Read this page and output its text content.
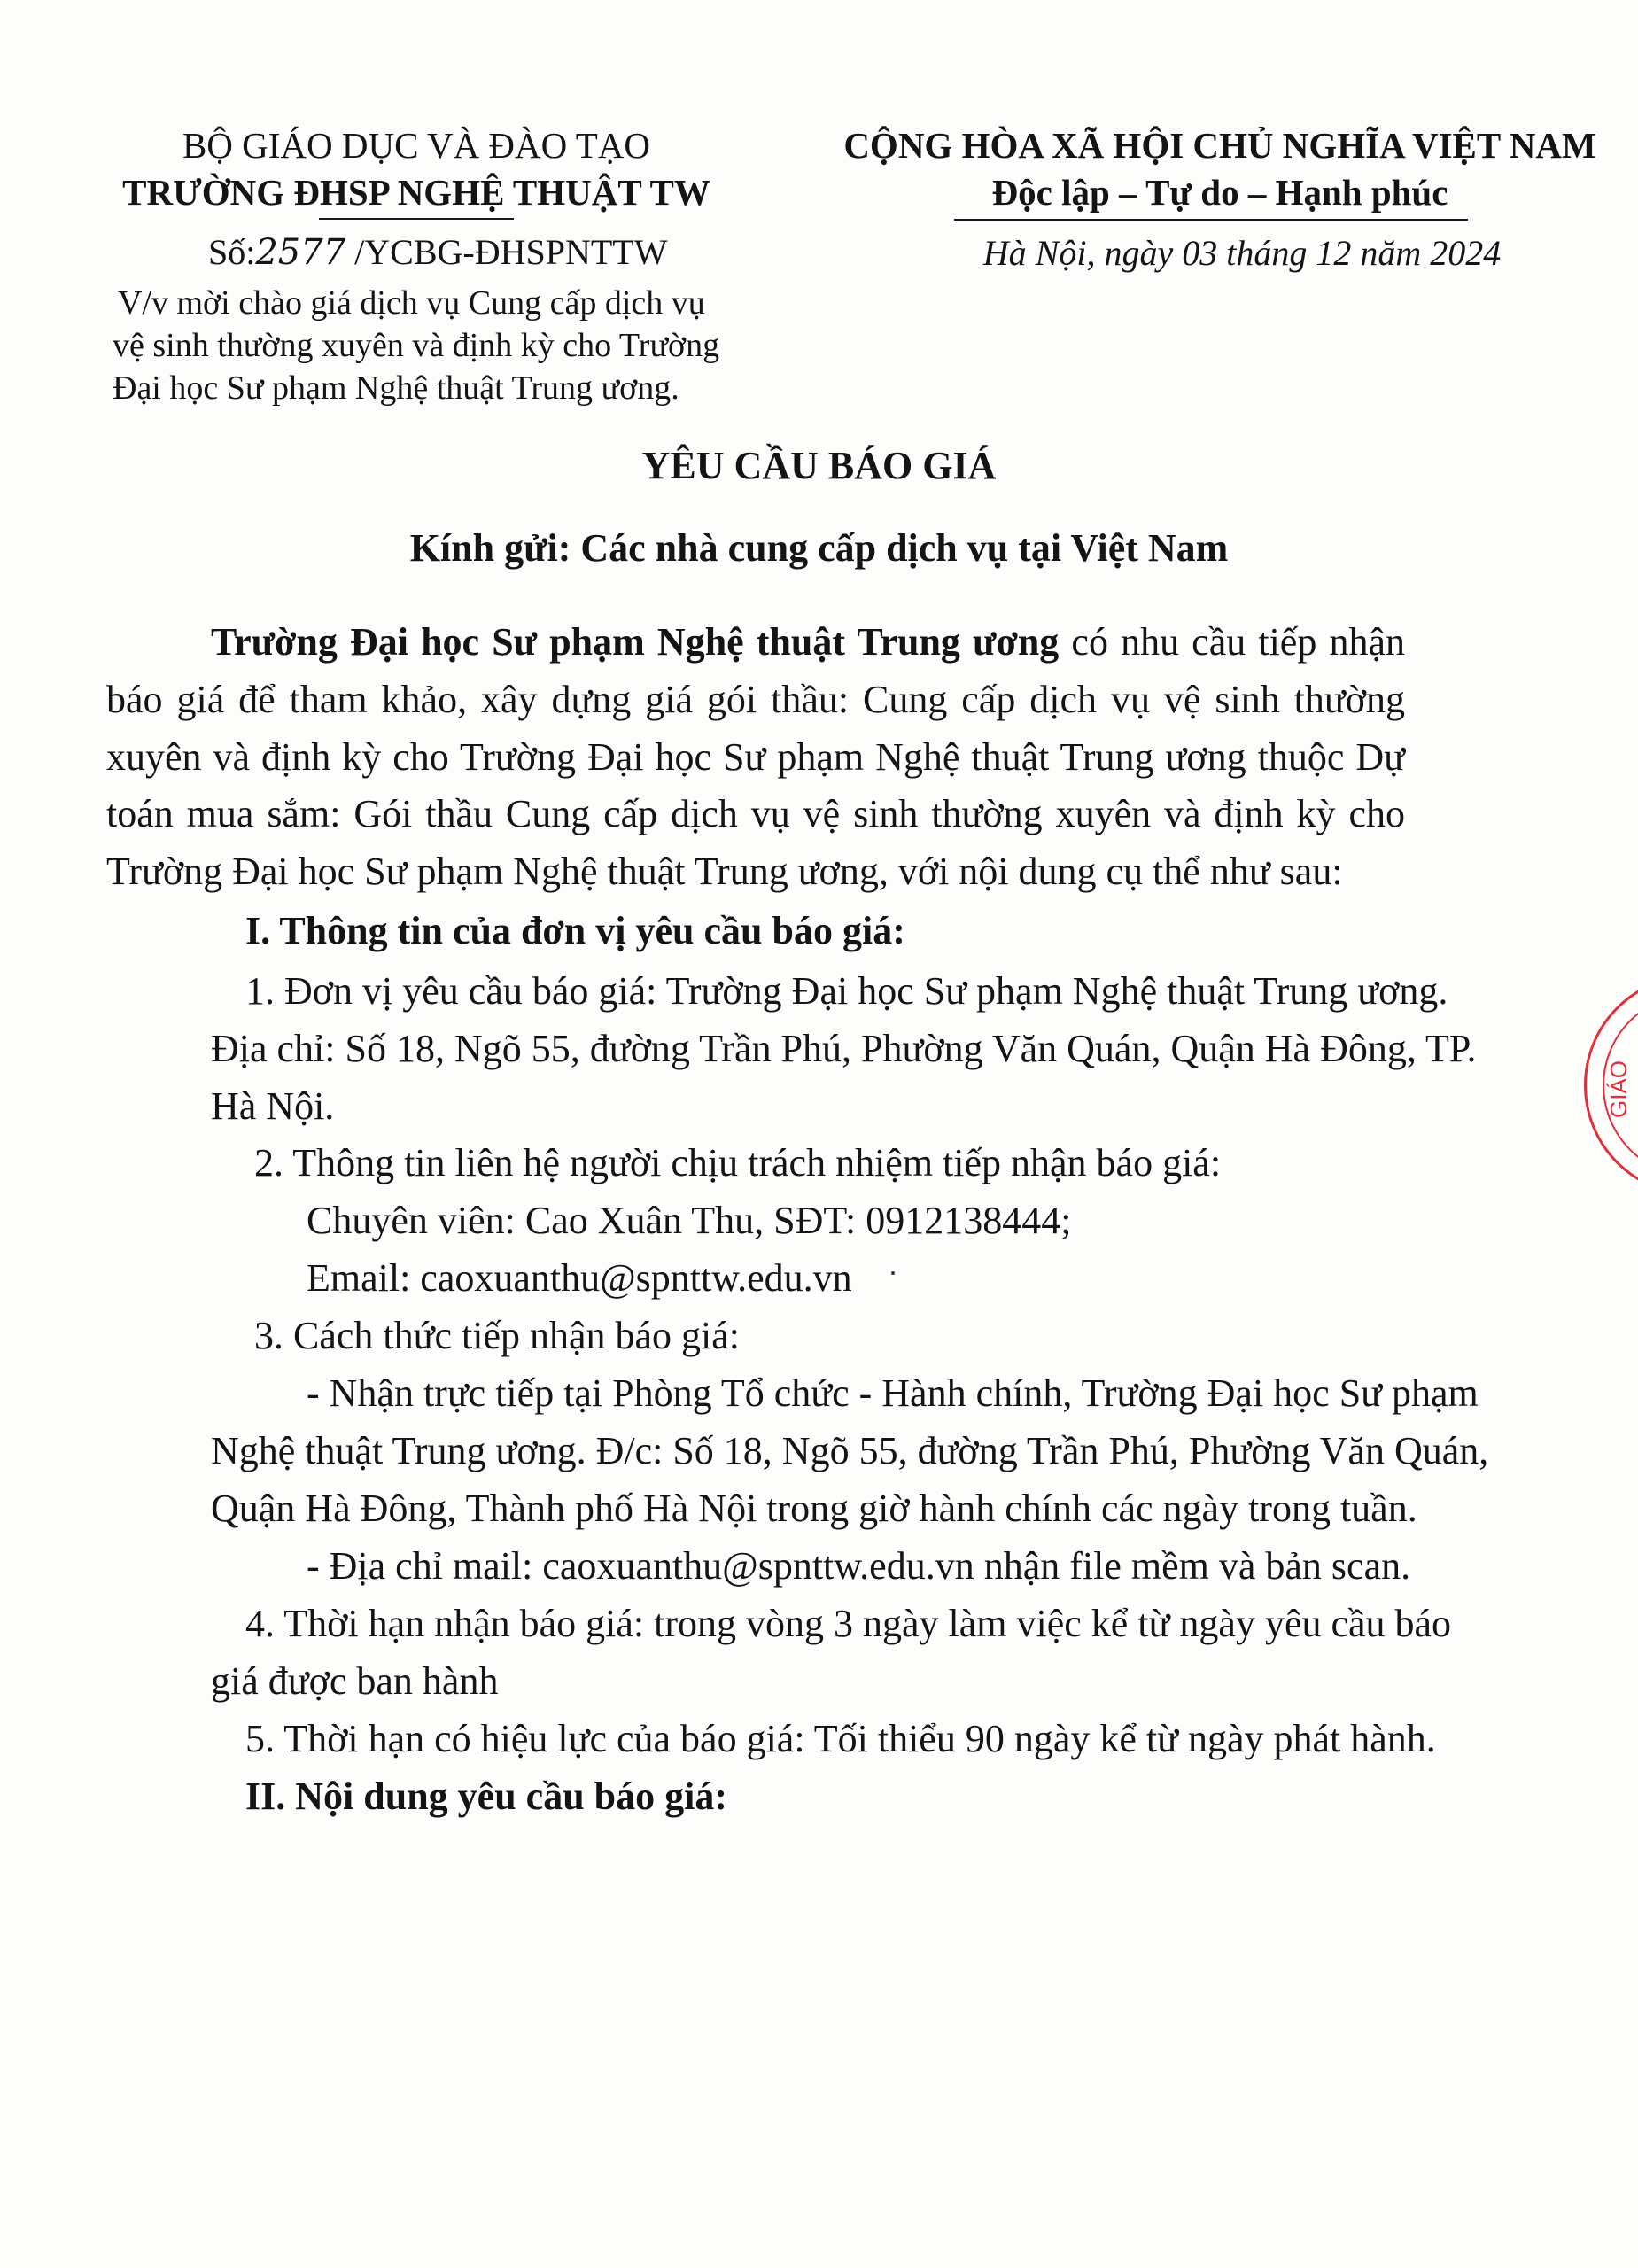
BỘ GIÁO DỤC VÀ ĐÀO TẠO
TRƯỜNG ĐHSP NGHỆ THUẬT TW
Số:2577 /YCBG-ĐHSPNTTW
V/v mời chào giá dịch vụ Cung cấp dịch vụ
vệ sinh thường xuyên và định kỳ cho Trường
Đại học Sư phạm Nghệ thuật Trung ương.
CỘNG HÒA XÃ HỘI CHỦ NGHĨA VIỆT NAM
Độc lập – Tự do – Hạnh phúc
Hà Nội, ngày 03 tháng 12 năm 2024
YÊU CẦU BÁO GIÁ
Kính gửi: Các nhà cung cấp dịch vụ tại Việt Nam
Trường Đại học Sư phạm Nghệ thuật Trung ương có nhu cầu tiếp nhận báo giá để tham khảo, xây dựng giá gói thầu: Cung cấp dịch vụ vệ sinh thường xuyên và định kỳ cho Trường Đại học Sư phạm Nghệ thuật Trung ương thuộc Dự toán mua sắm: Gói thầu Cung cấp dịch vụ vệ sinh thường xuyên và định kỳ cho Trường Đại học Sư phạm Nghệ thuật Trung ương, với nội dung cụ thể như sau:
I. Thông tin của đơn vị yêu cầu báo giá:
1. Đơn vị yêu cầu báo giá: Trường Đại học Sư phạm Nghệ thuật Trung ương.
Địa chỉ: Số 18, Ngõ 55, đường Trần Phú, Phường Văn Quán, Quận Hà Đông, TP.
Hà Nội.
2. Thông tin liên hệ người chịu trách nhiệm tiếp nhận báo giá:
Chuyên viên: Cao Xuân Thu, SĐT: 0912138444;
Email: caoxuanthu@spnttw.edu.vn
3. Cách thức tiếp nhận báo giá:
- Nhận trực tiếp tại Phòng Tổ chức - Hành chính, Trường Đại học Sư phạm
Nghệ thuật Trung ương. Đ/c: Số 18, Ngõ 55, đường Trần Phú, Phường Văn Quán,
Quận Hà Đông, Thành phố Hà Nội trong giờ hành chính các ngày trong tuần.
- Địa chỉ mail: caoxuanthu@spnttw.edu.vn nhận file mềm và bản scan.
4. Thời hạn nhận báo giá: trong vòng 3 ngày làm việc kể từ ngày yêu cầu báo
giá được ban hành
5. Thời hạn có hiệu lực của báo giá: Tối thiểu 90 ngày kể từ ngày phát hành.
II. Nội dung yêu cầu báo giá:
GIÁO
